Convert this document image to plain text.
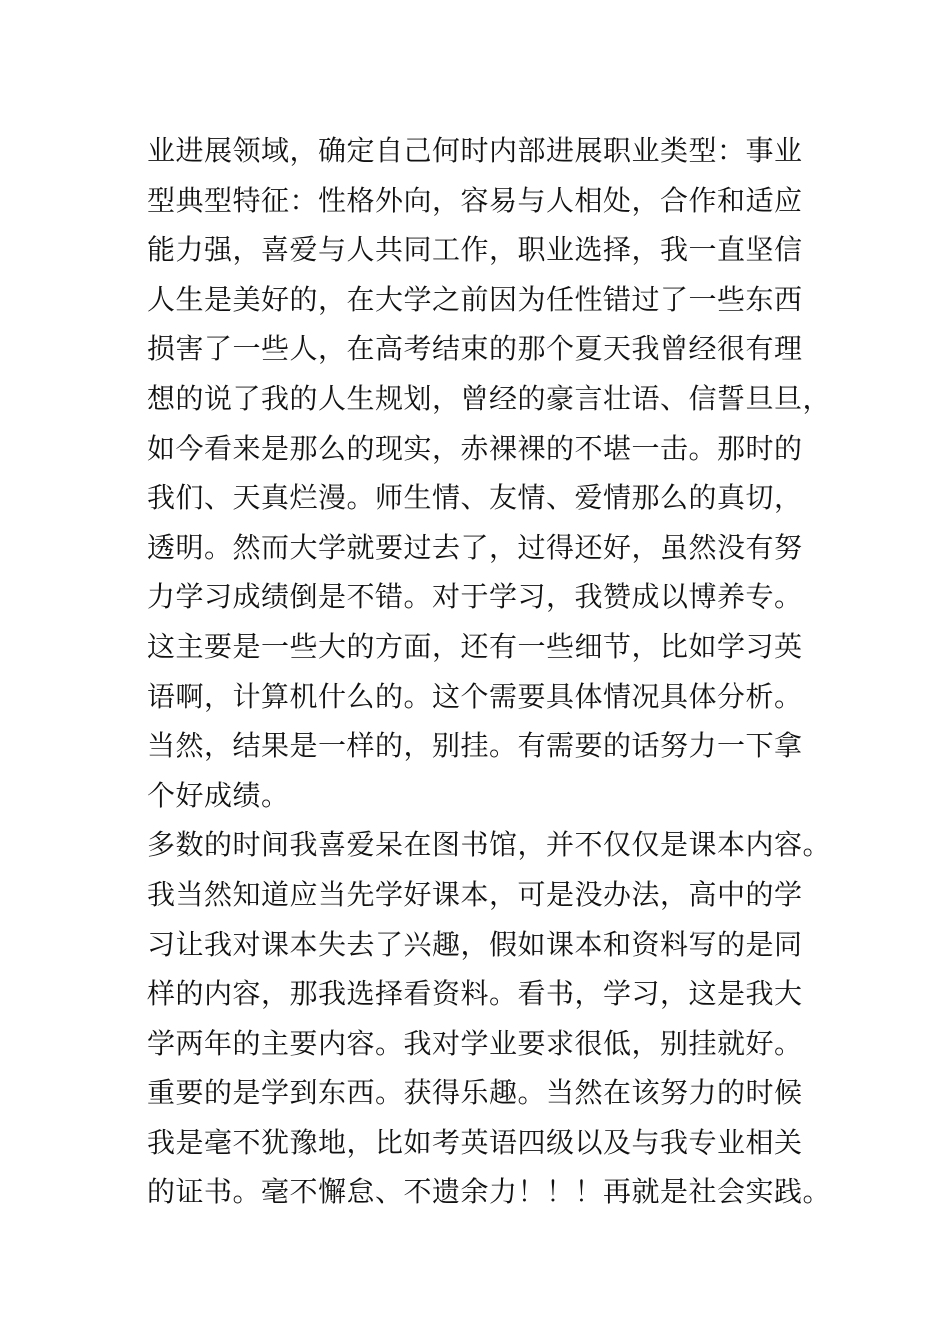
业进展领域，确定自己何时内部进展职业类型：事业
型典型特征：性格外向，容易与人相处，合作和适应
能力强，喜爱与人共同工作，职业选择，我一直坚信
人生是美好的，在大学之前因为任性错过了一些东西
损害了一些人，在高考结束的那个夏天我曾经很有理
想的说了我的人生规划，曾经的豪言壮语、信誓旦旦，
如今看来是那么的现实，赤裸裸的不堪一击。那时的
我们、天真烂漫。师生情、友情、爱情那么的真切，
透明。然而大学就要过去了，过得还好，虽然没有努
力学习成绩倒是不错。对于学习，我赞成以博养专。
这主要是一些大的方面，还有一些细节，比如学习英
语啊，计算机什么的。这个需要具体情况具体分析。
当然，结果是一样的，别挂。有需要的话努力一下拿
个好成绩。
多数的时间我喜爱呆在图书馆，并不仅仅是课本内容。
我当然知道应当先学好课本，可是没办法，高中的学
习让我对课本失去了兴趣，假如课本和资料写的是同
样的内容，那我选择看资料。看书，学习，这是我大
学两年的主要内容。我对学业要求很低，别挂就好。
重要的是学到东西。获得乐趣。当然在该努力的时候
我是毫不犹豫地，比如考英语四级以及与我专业相关
的证书。毫不懈怠、不遗余力！！！再就是社会实践。
